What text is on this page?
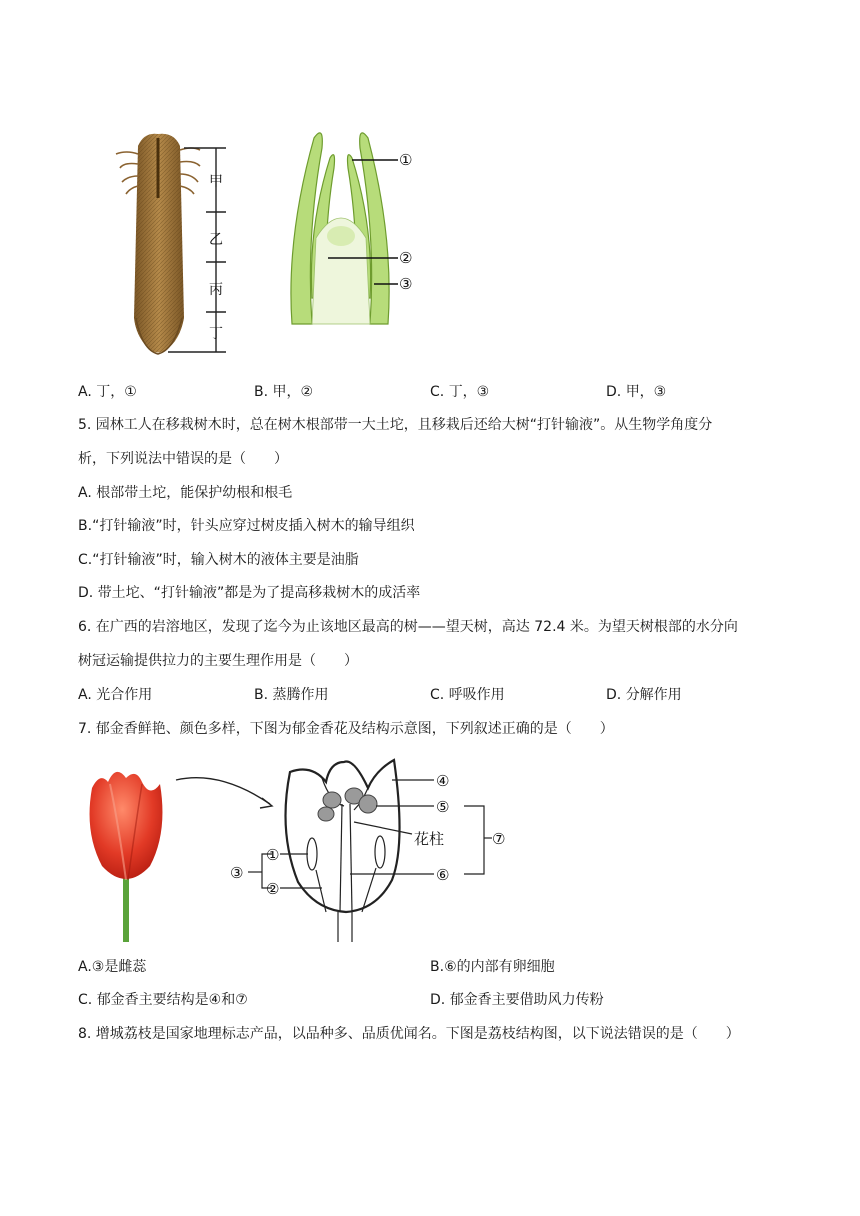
甲
乙
丙
丁
①
②
③
A. 丁，①	B. 甲，②	C. 丁，③	D. 甲，③
5. 园林工人在移栽树木时，总在树木根部带一大土坨，且移栽后还给大树“打针输液”。从生物学角度分
析，下列说法中错误的是（　　）
A. 根部带土坨，能保护幼根和根毛
B.“打针输液”时，针头应穿过树皮插入树木的输导组织
C.“打针输液”时，输入树木的液体主要是油脂
D. 带土坨、“打针输液”都是为了提高移栽树木的成活率
6. 在广西的岩溶地区，发现了迄今为止该地区最高的树——望天树，高达 72.4 米。为望天树根部的水分向
树冠运输提供拉力的主要生理作用是（　　）
A. 光合作用	B. 蒸腾作用	C. 呼吸作用	D. 分解作用
7. 郁金香鲜艳、颜色多样，下图为郁金香花及结构示意图，下列叙述正确的是（　　）
④
⑤
花柱
⑥
⑦
①
②
③
A.③是雌蕊	B.⑥的内部有卵细胞
C. 郁金香主要结构是④和⑦	D. 郁金香主要借助风力传粉
8. 增城荔枝是国家地理标志产品，以品种多、品质优闻名。下图是荔枝结构图，以下说法错误的是（　　）
